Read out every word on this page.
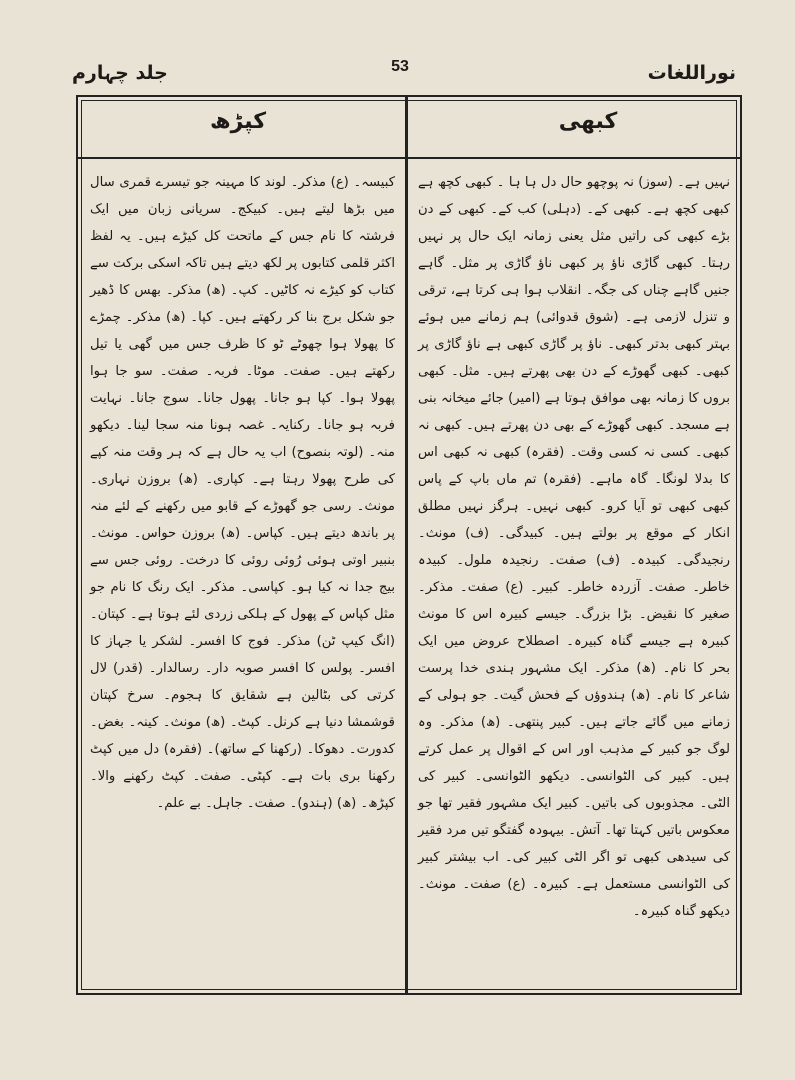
جلد چہارم	53	نوراللغات
کبھی
کپڑھ

نہیں ہے۔ (سوز) نہ پوچھو حال دل ہا ہا ۔ کبھی کچھ ہے کبھی کچھ ہے۔ کبھی کے۔ (دہلی) کب کے۔ کبھی کے دن بڑے کبھی کی راتیں مثل یعنی زمانہ ایک حال پر نہیں رہتا۔ کبھی گاڑی ناؤ پر کبھی ناؤ گاڑی پر مثل۔ گاہے جنیں گاہے چناں کی جگہ۔ انقلاب ہوا ہی کرتا ہے، ترقی و تنزل لازمی ہے۔ (شوق قدوائی) ہم زمانے میں ہوئے بہتر کبھی بدتر کبھی۔ ناؤ پر گاڑی کبھی ہے ناؤ گاڑی پر کبھی۔ کبھی گھوڑے کے دن بھی پھرتے ہیں۔ مثل۔ کبھی بروں کا زمانہ بھی موافق ہوتا ہے (امیر) جائے میخانہ بنی ہے مسجد۔ کبھی گھوڑے کے بھی دن پھرتے ہیں۔ کبھی نہ کبھی۔ کسی نہ کسی وقت۔ (فقرہ) کبھی نہ کبھی اس کا بدلا لونگا۔ گاہ ماہے۔ (فقرہ) تم ماں باپ کے پاس کبھی کبھی تو آیا کرو۔ کبھی نہیں۔ ہرگز نہیں مطلق انکار کے موقع پر بولتے ہیں۔ کبیدگی۔ (ف) مونث۔ رنجیدگی۔ کبیدہ۔ (ف) صفت۔ رنجیدہ ملول۔ کبیدہ خاطر۔ صفت۔ آزردہ خاطر۔ کبیر۔ (ع) صفت۔ مذکر۔ صغیر کا نقیض۔ بڑا بزرگ۔ جیسے کبیرہ اس کا مونث کبیرہ ہے جیسے گناہ کبیرہ۔ اصطلاح عروض میں ایک بحر کا نام۔ (ھ) مذکر۔ ایک مشہور ہندی خدا پرست شاعر کا نام۔ (ھ) ہندوؤں کے فحش گیت۔ جو ہولی کے زمانے میں گائے جاتے ہیں۔ کبیر پنتھی۔ (ھ) مذکر۔ وہ لوگ جو کبیر کے مذہب اور اس کے اقوال پر عمل کرتے ہیں۔ کبیر کی الٹوانسی۔ دیکھو الٹوانسی۔ کبیر کی الٹی۔ مجذوبوں کی باتیں۔ کبیر ایک مشہور فقیر تھا جو معکوس باتیں کہتا تھا۔ آتش۔ بیہودہ گفتگو تیں مرد فقیر کی سیدھی کبھی تو اگر الٹی کبیر کی۔ اب بیشتر کبیر کی الٹوانسی مستعمل ہے۔ کبیرہ۔ (ع) صفت۔ مونث۔ دیکھو گناہ کبیرہ۔

کبیسہ۔ (ع) مذکر۔ لوند کا مہینہ جو تیسرے قمری سال میں بڑھا لیتے ہیں۔ کبیکج۔ سریانی زبان میں ایک فرشتہ کا نام جس کے ماتحت کل کیڑے ہیں۔ یہ لفظ اکثر قلمی کتابوں پر لکھ دیتے ہیں تاکہ اسکی برکت سے کتاب کو کیڑے نہ کاٹیں۔ کپ۔ (ھ) مذکر۔ بھس کا ڈھیر جو شکل برج بنا کر رکھتے ہیں۔ کپا۔ (ھ) مذکر۔ چمڑے کا پھولا ہوا چھوٹے ٹو کا ظرف جس میں گھی یا تیل رکھتے ہیں۔ صفت۔ موٹا۔ فربہ۔ صفت۔ سو جا ہوا پھولا ہوا۔ کپا ہو جانا۔ پھول جانا۔ سوج جانا۔ نہایت فربہ ہو جانا۔ رکنایہ۔ غصہ ہونا منہ سجا لینا۔ دیکھو منہ۔ (لوتہ بنصوح) اب یہ حال ہے کہ ہر وقت منہ کپے کی طرح پھولا رہتا ہے۔ کپاری۔ (ھ) بروزن نہاری۔ مونث۔ رسی جو گھوڑے کے قابو میں رکھنے کے لئے منہ پر باندھ دیتے ہیں۔ کپاس۔ (ھ) بروزن حواس۔ مونث۔ بنبیر اوتی ہوئی رُوئی روئی کا درخت۔ روئی جس سے بیج جدا نہ کیا ہو۔ کپاسی۔ مذکر۔ ایک رنگ کا نام جو مثل کپاس کے پھول کے ہلکی زردی لئے ہوتا ہے۔ کپتان۔ (انگ کیپ ٹن) مذکر۔ فوج کا افسر۔ لشکر یا جہاز کا افسر۔ پولس کا افسر صوبہ دار۔ رسالدار۔ (قدر) لال کرتی کی بٹالین ہے شقایق کا ہجوم۔ سرخ کپتان قوشمشا دنیا ہے کرنل۔ کپٹ۔ (ھ) مونث۔ کینہ۔ بغض۔ کدورت۔ دھوکا۔ (رکھنا کے ساتھ)۔ (فقرہ) دل میں کپٹ رکھنا بری بات ہے۔ کپٹی۔ صفت۔ کپٹ رکھنے والا۔ کپڑھ۔ (ھ) (ہندو)۔ صفت۔ جاہل۔ بے علم۔
